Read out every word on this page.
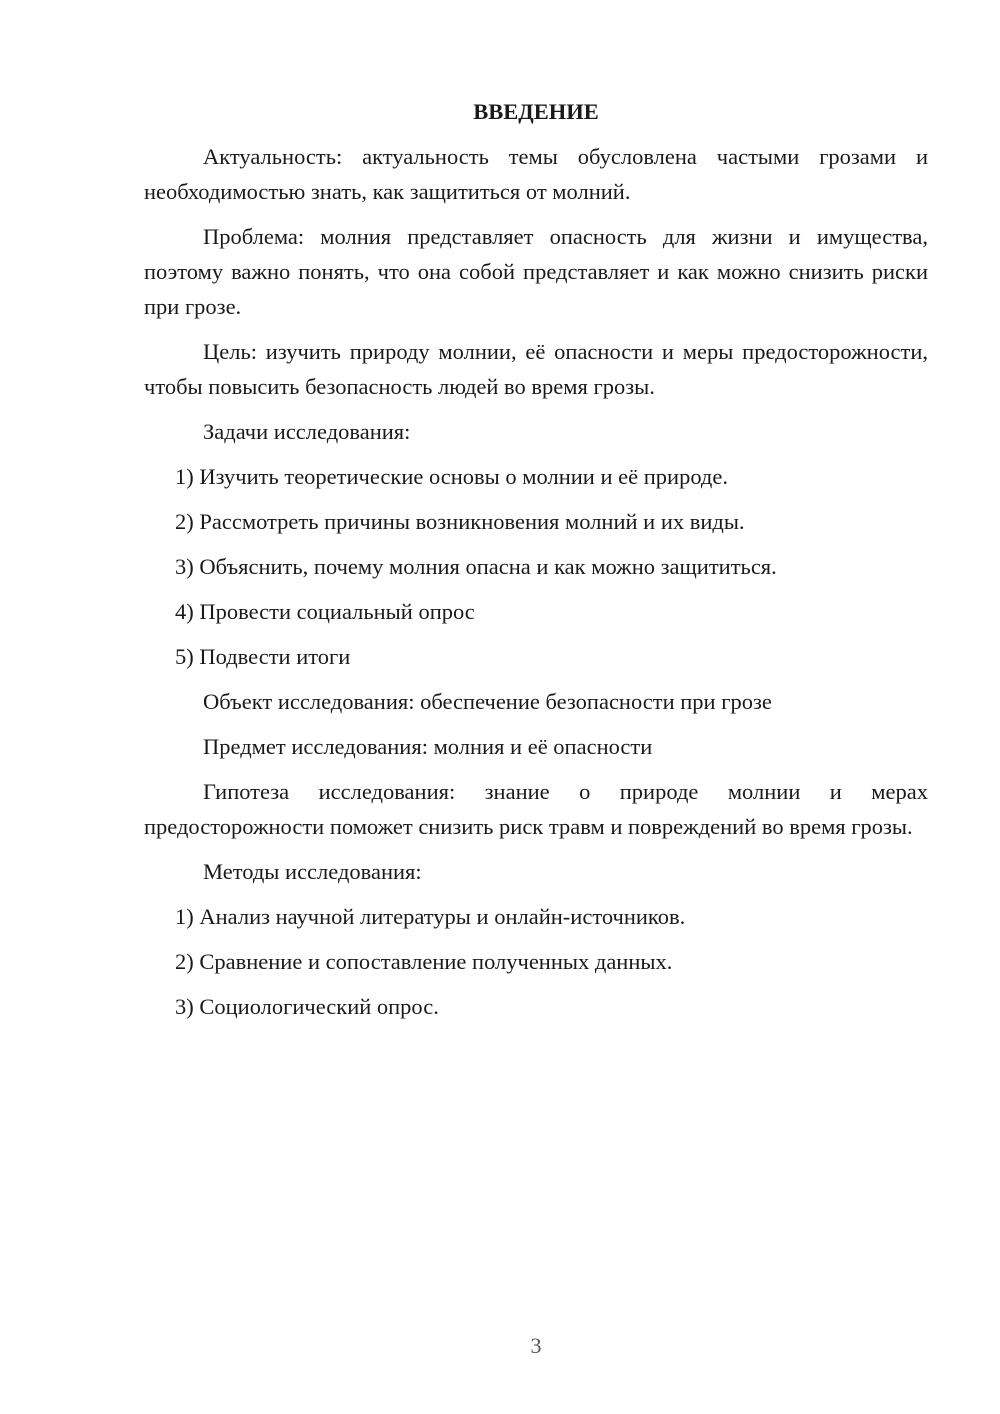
ВВЕДЕНИЕ

Актуальность: актуальность темы обусловлена частыми грозами и необходимостью знать, как защититься от молний.

Проблема: молния представляет опасность для жизни и имущества, поэтому важно понять, что она собой представляет и как можно снизить риски при грозе.

Цель: изучить природу молнии, её опасности и меры предосторожности, чтобы повысить безопасность людей во время грозы.

Задачи исследования:
1) Изучить теоретические основы о молнии и её природе.
2) Рассмотреть причины возникновения молний и их виды.
3) Объяснить, почему молния опасна и как можно защититься.
4) Провести социальный опрос
5) Подвести итоги
Объект исследования: обеспечение безопасности при грозе
Предмет исследования: молния и её опасности

Гипотеза исследования: знание о природе молнии и мерах предосторожности поможет снизить риск травм и повреждений во время грозы.

Методы исследования:
1) Анализ научной литературы и онлайн-источников.
2) Сравнение и сопоставление полученных данных.
3) Социологический опрос.
3
